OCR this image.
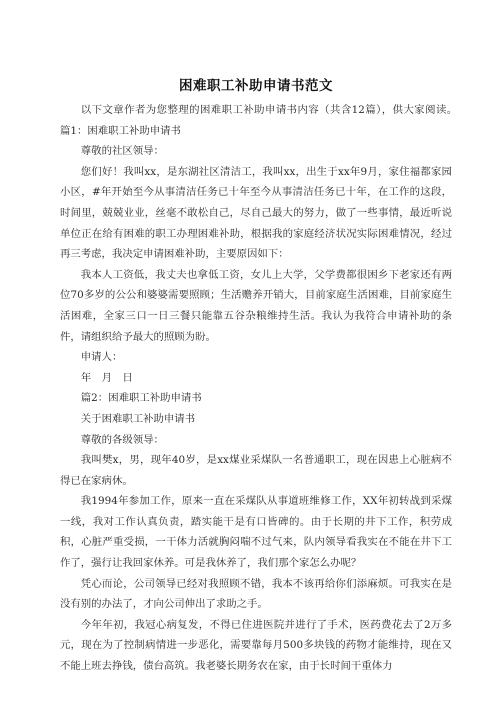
困难职工补助申请书范文

以下文章作者为您整理的困难职工补助申请书内容（共含12篇），供大家阅读。　篇1：困难职工补助申请书

尊敬的社区领导：

您们好！我叫xx，是东湖社区清洁工，我叫xx，出生于xx年9月，家住福都家园小区，#年开始至今从事清洁任务已十年至今从事清洁任务已十年，在工作的这段，时间里，兢兢业业，丝毫不敢松自己，尽自己最大的努力，做了一些事情，最近听说单位正在给有困难的职工办理困难补助，根据我的家庭经济状况实际困难情况，经过再三考虑，我决定申请困难补助，主要原因如下：

我本人工资低，我丈夫也拿低工资，女儿上大学，父学费都很困乡下老家还有两位70多岁的公公和婆婆需要照顾；生活赡养开销大，目前家庭生活困难，目前家庭生活困难，全家三口一日三餐只能靠五谷杂粮维持生活。我认为我符合申请补助的条件，请组织给予最大的照顾为盼。

申请人：

年　月　日

篇2：困难职工补助申请书

关于困难职工补助申请书

尊敬的各级领导：

我叫樊x，男，现年40岁，是xx煤业采煤队一名普通职工，现在因患上心脏病不得已在家病休。

我1994年参加工作，原来一直在采煤队从事道班维修工作，XX年初转战到采煤一线，我对工作认真负责，踏实能干是有口皆碑的。由于长期的井下工作，积劳成积，心脏严重受损，一干体力活就胸闷喘不过气来，队内领导看我实在不能在井下工作了，强行让我回家休养。可是我休养了，我们那个家怎么办呢？

凭心而论，公司领导已经对我照顾不错，我本不该再给你们添麻烦。可我实在是没有别的办法了，才向公司伸出了求助之手。

今年年初，我冠心病复发，不得已住进医院并进行了手术，医药费花去了2万多元，现在为了控制病情进一步恶化，需要靠每月500多块钱的药物才能维持，现在又不能上班去挣钱，债台高筑。我老婆长期务农在家，由于长时间干重体力
